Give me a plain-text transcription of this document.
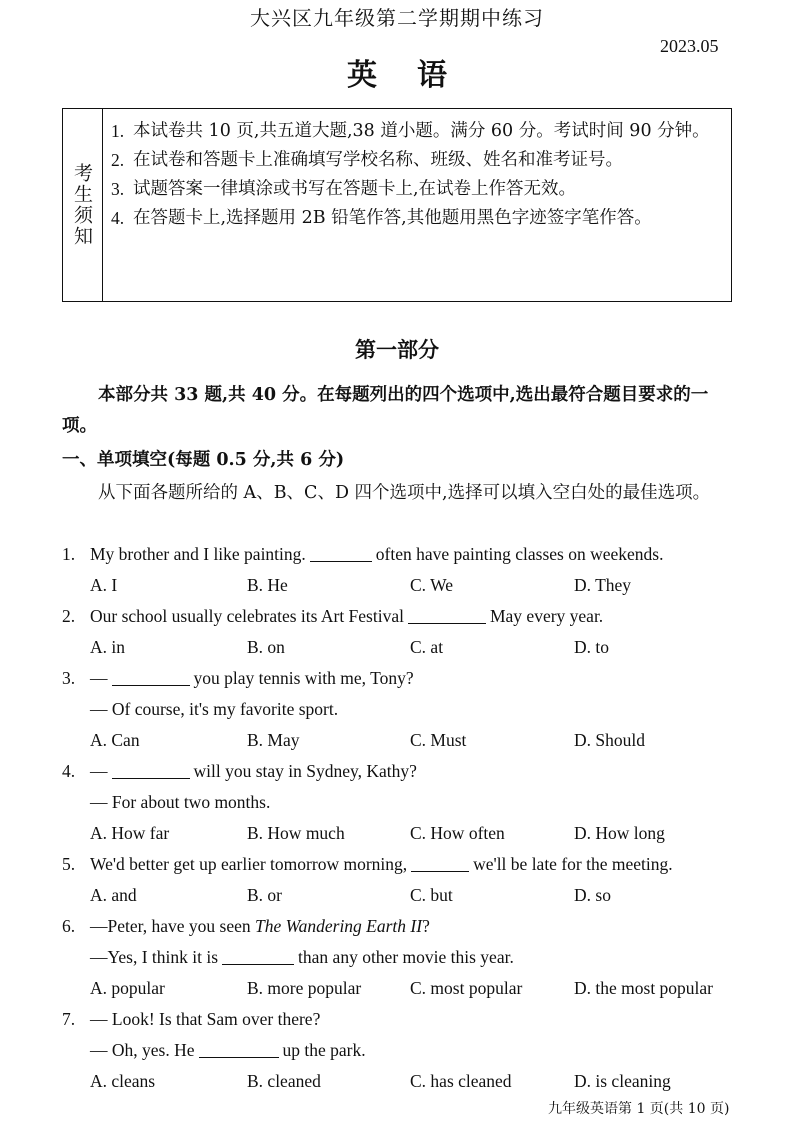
大兴区九年级第二学期期中练习
2023.05
英语
考生须知
1. 本试卷共 10 页,共五道大题,38 道小题。满分 60 分。考试时间 90 分钟。
2. 在试卷和答题卡上准确填写学校名称、班级、姓名和准考证号。
3. 试题答案一律填涂或书写在答题卡上,在试卷上作答无效。
4. 在答题卡上,选择题用 2B 铅笔作答,其他题用黑色字迹签字笔作答。
第一部分
本部分共 33 题,共 40 分。在每题列出的四个选项中,选出最符合题目要求的一项。
一、单项填空(每题 0.5 分,共 6 分)
从下面各题所给的 A、B、C、D 四个选项中,选择可以填入空白处的最佳选项。
1. My brother and I like painting.	often have painting classes on weekends.
A. I	B. He	C. We	D. They
2. Our school usually celebrates its Art Festival	May every year.
A. in	B. on	C. at	D. to
3. —	you play tennis with me, Tony?
— Of course, it's my favorite sport.
A. Can	B. May	C. Must	D. Should
4. —	will you stay in Sydney, Kathy?
— For about two months.
A. How far	B. How much	C. How often	D. How long
5. We'd better get up earlier tomorrow morning,	we'll be late for the meeting.
A. and	B. or	C. but	D. so
6. —Peter, have you seen The Wandering Earth II?
—Yes, I think it is	than any other movie this year.
A. popular	B. more popular	C. most popular	D. the most popular
7. — Look! Is that Sam over there?
— Oh, yes. He	up the park.
A. cleans	B. cleaned	C. has cleaned	D. is cleaning
九年级英语第 1 页(共 10 页)
